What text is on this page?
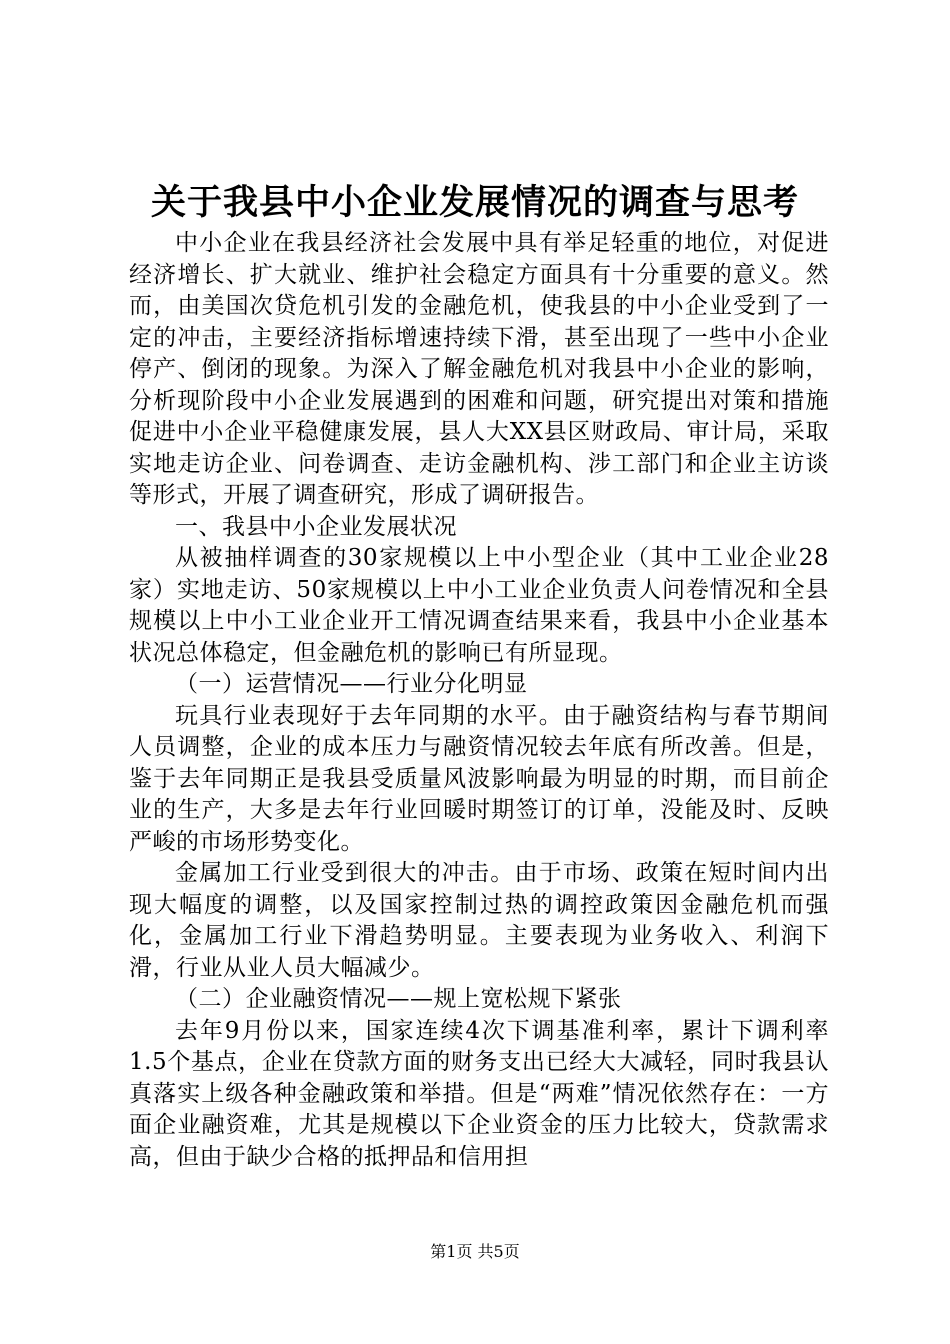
关于我县中小企业发展情况的调查与思考

中小企业在我县经济社会发展中具有举足轻重的地位，对促进经济增长、扩大就业、维护社会稳定方面具有十分重要的意义。然而，由美国次贷危机引发的金融危机，使我县的中小企业受到了一定的冲击，主要经济指标增速持续下滑，甚至出现了一些中小企业停产、倒闭的现象。为深入了解金融危机对我县中小企业的影响，分析现阶段中小企业发展遇到的困难和问题，研究提出对策和措施促进中小企业平稳健康发展，县人大XX县区财政局、审计局，采取实地走访企业、问卷调查、走访金融机构、涉工部门和企业主访谈等形式，开展了调查研究，形成了调研报告。

一、我县中小企业发展状况

从被抽样调查的30家规模以上中小型企业（其中工业企业28家）实地走访、50家规模以上中小工业企业负责人问卷情况和全县规模以上中小工业企业开工情况调查结果来看，我县中小企业基本状况总体稳定，但金融危机的影响已有所显现。

（一）运营情况——行业分化明显

玩具行业表现好于去年同期的水平。由于融资结构与春节期间人员调整，企业的成本压力与融资情况较去年底有所改善。但是，鉴于去年同期正是我县受质量风波影响最为明显的时期，而目前企业的生产，大多是去年行业回暖时期签订的订单，没能及时、反映严峻的市场形势变化。

金属加工行业受到很大的冲击。由于市场、政策在短时间内出现大幅度的调整，以及国家控制过热的调控政策因金融危机而强化，金属加工行业下滑趋势明显。主要表现为业务收入、利润下滑，行业从业人员大幅减少。

（二）企业融资情况——规上宽松规下紧张

去年9月份以来，国家连续4次下调基准利率，累计下调利率1.5个基点，企业在贷款方面的财务支出已经大大减轻，同时我县认真落实上级各种金融政策和举措。但是“两难”情况依然存在：一方面企业融资难，尤其是规模以下企业资金的压力比较大，贷款需求高，但由于缺少合格的抵押品和信用担

第1页 共5页
